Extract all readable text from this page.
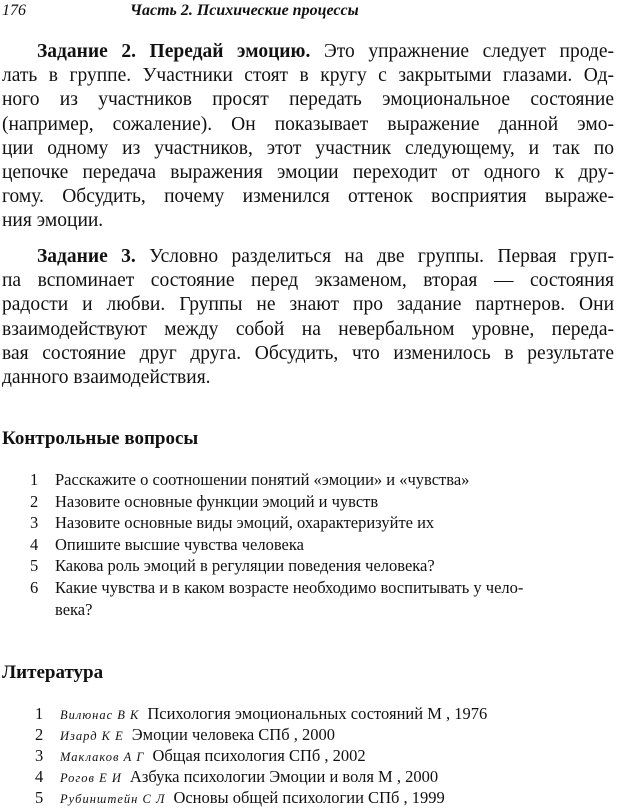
176	Часть 2. Психические процессы
Задание 2. Передай эмоцию. Это упражнение следует проде-
лать в группе. Участники стоят в кругу с закрытыми глазами. Од-
ного из участников просят передать эмоциональное состояние
(например, сожаление). Он показывает выражение данной эмо-
ции одному из участников, этот участник следующему, и так по
цепочке передача выражения эмоции переходит от одного к дру-
гому. Обсудить, почему изменился оттенок восприятия выраже-
ния эмоции.
Задание 3. Условно разделиться на две группы. Первая груп-
па вспоминает состояние перед экзаменом, вторая — состояния
радости и любви. Группы не знают про задание партнеров. Они
взаимодействуют между собой на невербальном уровне, переда-
вая состояние друг друга. Обсудить, что изменилось в результате
данного взаимодействия.
Контрольные вопросы
1 Расскажите о соотношении понятий «эмоции» и «чувства»
2 Назовите основные функции эмоций и чувств
3 Назовите основные виды эмоций, охарактеризуйте их
4 Опишите высшие чувства человека
5 Какова роль эмоций в регуляции поведения человека?
6 Какие чувства и в каком возрасте необходимо воспитывать у чело-
века?
Литература
1 Вилюнас В К Психология эмоциональных состояний М , 1976
2 Изард К Е Эмоции человека СПб , 2000
3 Маклаков А Г Общая психология СПб , 2002
4 Рогов Е И Азбука психологии Эмоции и воля М , 2000
5 Рубинштейн С Л Основы общей психологии СПб , 1999
